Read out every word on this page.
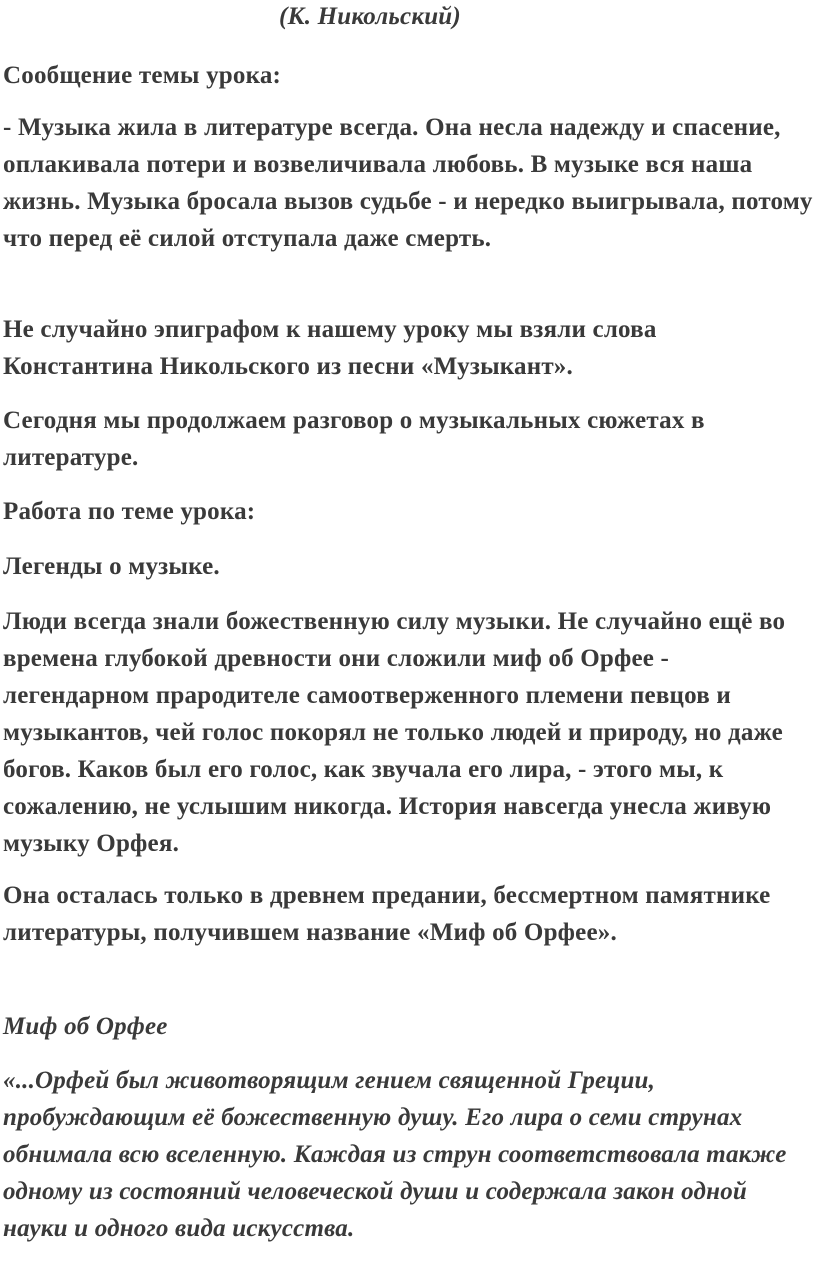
(К. Никольский)

Сообщение темы урока:

- Музыка жила в литературе всегда. Она несла надежду и спасение, оплакивала потери и возвеличивала любовь. В музыке вся наша жизнь. Музыка бросала вызов судьбе - и нередко выигрывала, потому что перед её силой отступала даже смерть.

Не случайно эпиграфом к нашему уроку мы взяли слова Константина Никольского из песни «Музыкант».

Сегодня мы продолжаем разговор о музыкальных сюжетах в литературе.

Работа по теме урока:

Легенды о музыке.

Люди всегда знали божественную силу музыки. Не случайно ещё во времена глубокой древности они сложили миф об Орфее - легендарном прародителе самоотверженного племени певцов и музыкантов, чей голос покорял не только людей и природу, но даже богов. Каков был его голос, как звучала его лира, - этого мы, к сожалению, не услышим никогда. История навсегда унесла живую музыку Орфея.

Она осталась только в древнем предании, бессмертном памятнике литературы, получившем название «Миф об Орфее».

Миф об Орфее

«...Орфей был животворящим гением священной Греции, пробуждающим её божественную душу. Его лира о семи струнах обнимала всю вселенную. Каждая из струн соответствовала также одному из состояний человеческой души и содержала закон одной науки и одного вида искусства.
